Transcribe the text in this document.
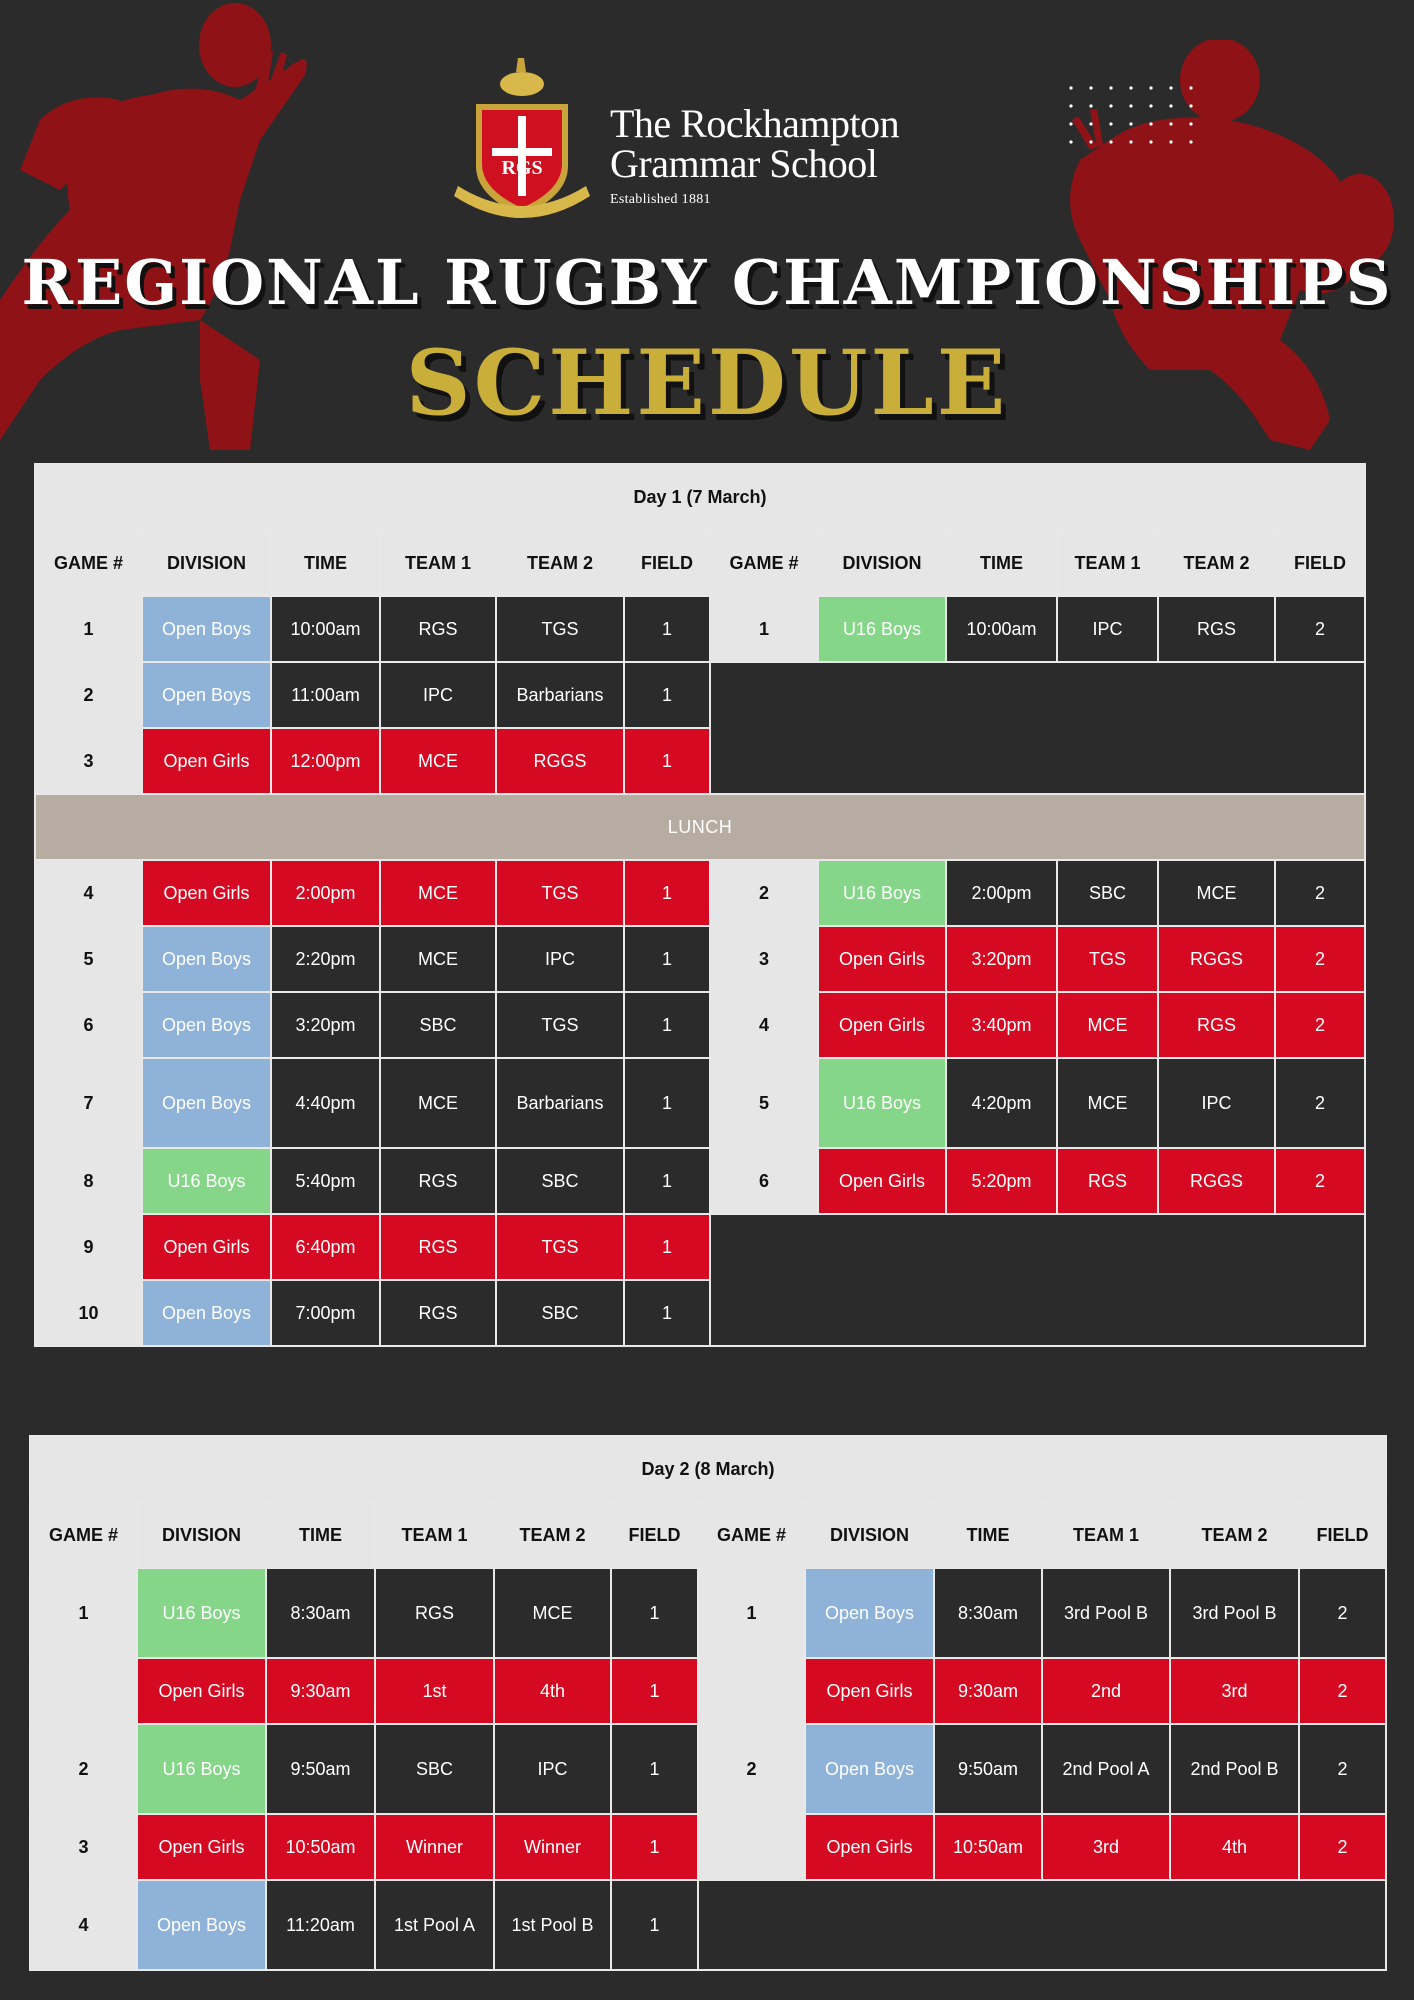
RGS
The Rockhampton
Grammar School
Established 1881
REGIONAL RUGBY CHAMPIONSHIPS
SCHEDULE
Day 1 (7 March)											
GAME #	DIVISION	TIME	TEAM 1	TEAM 2	FIELD	GAME #	DIVISION	TIME	TEAM 1	TEAM 2	FIELD
1	Open Boys	10:00am	RGS	TGS	1	1	U16 Boys	10:00am	IPC	RGS	2
2	Open Boys	11:00am	IPC	Barbarians	1						
3	Open Girls	12:00pm	MCE	RGGS	1						
LUNCH											
4	Open Girls	2:00pm	MCE	TGS	1	2	U16 Boys	2:00pm	SBC	MCE	2
5	Open Boys	2:20pm	MCE	IPC	1	3	Open Girls	3:20pm	TGS	RGGS	2
6	Open Boys	3:20pm	SBC	TGS	1	4	Open Girls	3:40pm	MCE	RGS	2
7	Open Boys	4:40pm	MCE	Barbarians	1	5	U16 Boys	4:20pm	MCE	IPC	2
8	U16 Boys	5:40pm	RGS	SBC	1	6	Open Girls	5:20pm	RGS	RGGS	2
9	Open Girls	6:40pm	RGS	TGS	1						
10	Open Boys	7:00pm	RGS	SBC	1						
Day 2 (8 March)											
GAME #	DIVISION	TIME	TEAM 1	TEAM 2	FIELD	GAME #	DIVISION	TIME	TEAM 1	TEAM 2	FIELD
1	U16 Boys	8:30am	RGS	MCE	1	1	Open Boys	8:30am	3rd Pool B	3rd Pool B	2
	Open Girls	9:30am	1st	4th	1		Open Girls	9:30am	2nd	3rd	2
2	U16 Boys	9:50am	SBC	IPC	1	2	Open Boys	9:50am	2nd Pool A	2nd Pool B	2
3	Open Girls	10:50am	Winner	Winner	1		Open Girls	10:50am	3rd	4th	2
4	Open Boys	11:20am	1st Pool A	1st Pool B	1						
